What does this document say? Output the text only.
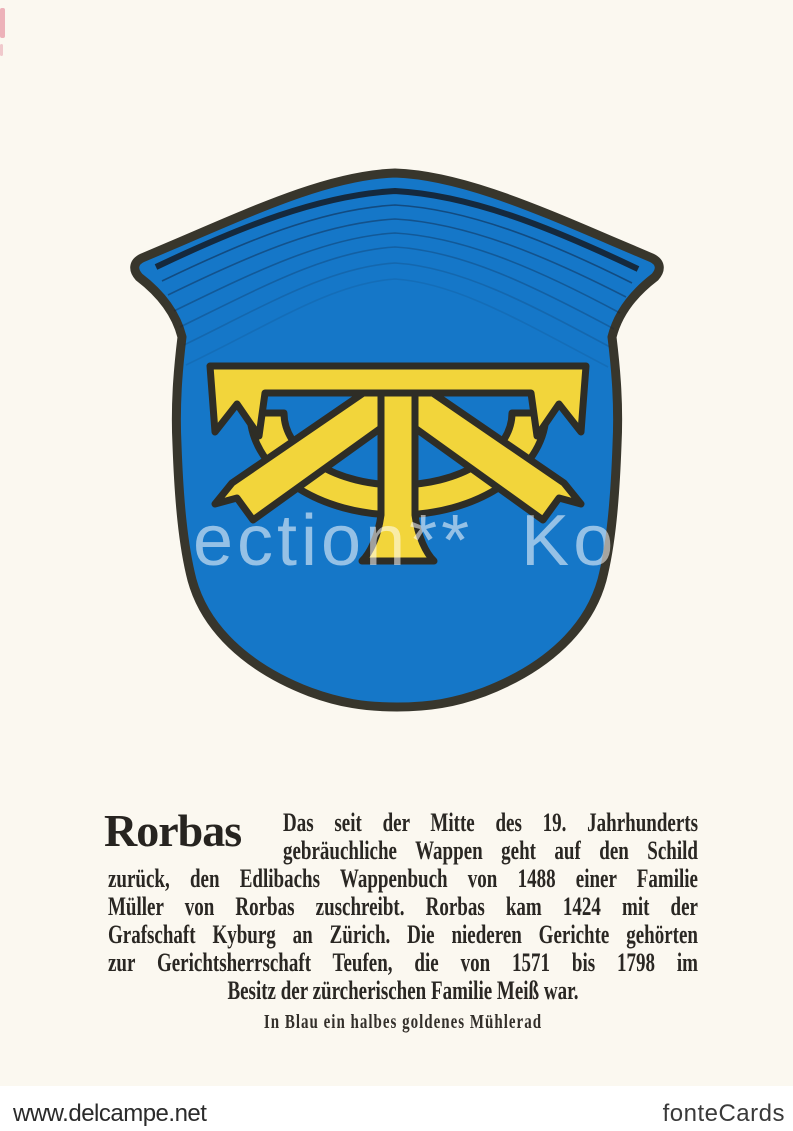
ection**  Ko
Rorbas Das seit der Mitte des 19. Jahrhunderts
gebräuchliche Wappen geht auf den Schild
zurück, den Edlibachs Wappenbuch von 1488 einer Familie
Müller von Rorbas zuschreibt. Rorbas kam 1424 mit der
Grafschaft Kyburg an Zürich. Die niederen Gerichte gehörten
zur Gerichtsherrschaft Teufen, die von 1571 bis 1798 im
Besitz der zürcherischen Familie Meiß war.
In Blau ein halbes goldenes Mühlerad
www.delcampe.net	fonteCards
